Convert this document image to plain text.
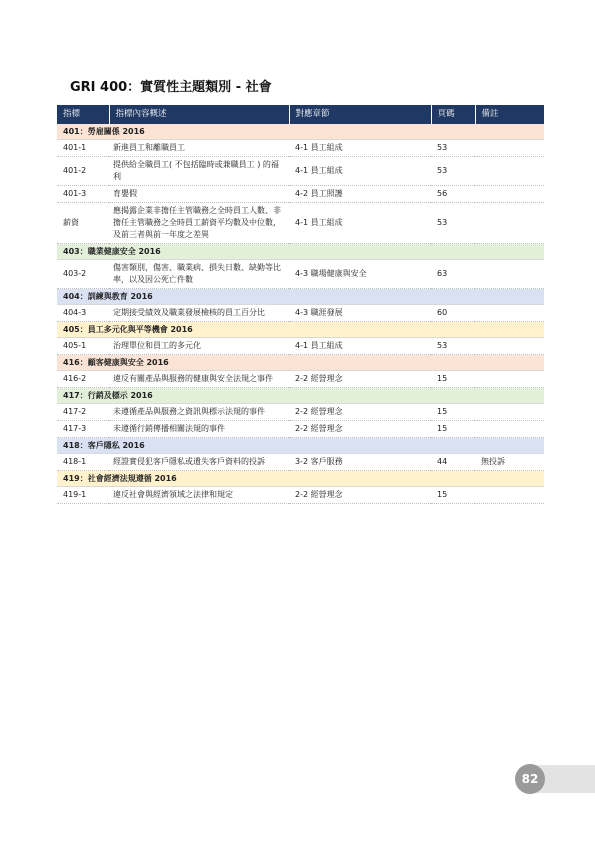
GRI 400：實質性主題類別 - 社會
指標	指標內容概述	對應章節	頁碼	備註
401：勞雇關係 2016				
401-1	新進員工和離職員工	4-1 員工組成	53	
401-2	提供給全職員工( 不包括臨時或兼職員工 ) 的福利	4-1 員工組成	53	
401-3	育嬰假	4-2 員工照護	56	
薪資	應揭露企業非擔任主管職務之全時員工人數、非擔任主管職務之全時員工薪資平均數及中位數，及前三者與前一年度之差異	4-1 員工組成	53	
403：職業健康安全 2016				
403-2	傷害類別，傷害、職業病、損失日數、缺勤等比率，以及因公死亡件數	4-3 職場健康與安全	63	
404：訓練與教育 2016				
404-3	定期接受績效及職業發展檢核的員工百分比	4-3 職涯發展	60	
405：員工多元化與平等機會 2016				
405-1	治理單位和員工的多元化	4-1 員工組成	53	
416：顧客健康與安全 2016				
416-2	違反有關產品與服務的健康與安全法規之事件	2-2 經營理念	15	
417：行銷及標示 2016				
417-2	未遵循產品與服務之資訊與標示法規的事件	2-2 經營理念	15	
417-3	未遵循行銷傳播相關法規的事件	2-2 經營理念	15	
418：客戶隱私 2016				
418-1	經證實侵犯客戶隱私或遺失客戶資料的投訴	3-2 客戶服務	44	無投訴
419：社會經濟法規遵循 2016				
419-1	違反社會與經濟領域之法律和規定	2-2 經營理念	15	
82
